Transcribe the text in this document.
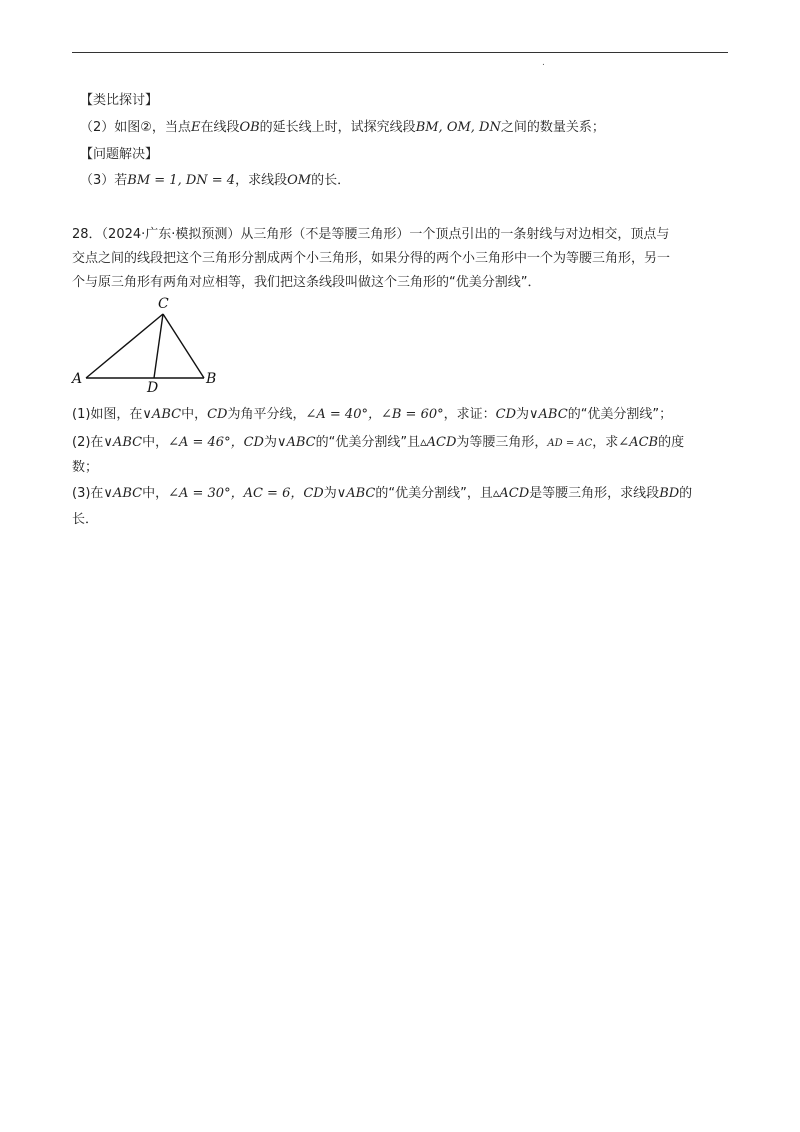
.
【类比探讨】
（2）如图②，当点E在线段OB的延长线上时，试探究线段BM, OM, DN之间的数量关系；
【问题解决】
（3）若BM = 1, DN = 4，求线段OM的长．
28．（2024·广东·模拟预测）从三角形（不是等腰三角形）一个顶点引出的一条射线与对边相交，顶点与
交点之间的线段把这个三角形分割成两个小三角形，如果分得的两个小三角形中一个为等腰三角形，另一
个与原三角形有两角对应相等，我们把这条线段叫做这个三角形的“优美分割线”．
A	B
C
D
(1)如图，在∨ABC中，CD为角平分线，∠A = 40°，∠B = 60°，求证：CD为∨ABC的“优美分割线”；
(2)在∨ABC中，∠A = 46°，CD为∨ABC的“优美分割线”且▵ACD为等腰三角形，AD = AC，求∠ACB的度
数；
(3)在∨ABC中，∠A = 30°，AC = 6，CD为∨ABC的“优美分割线”，且▵ACD是等腰三角形，求线段BD的
长．
